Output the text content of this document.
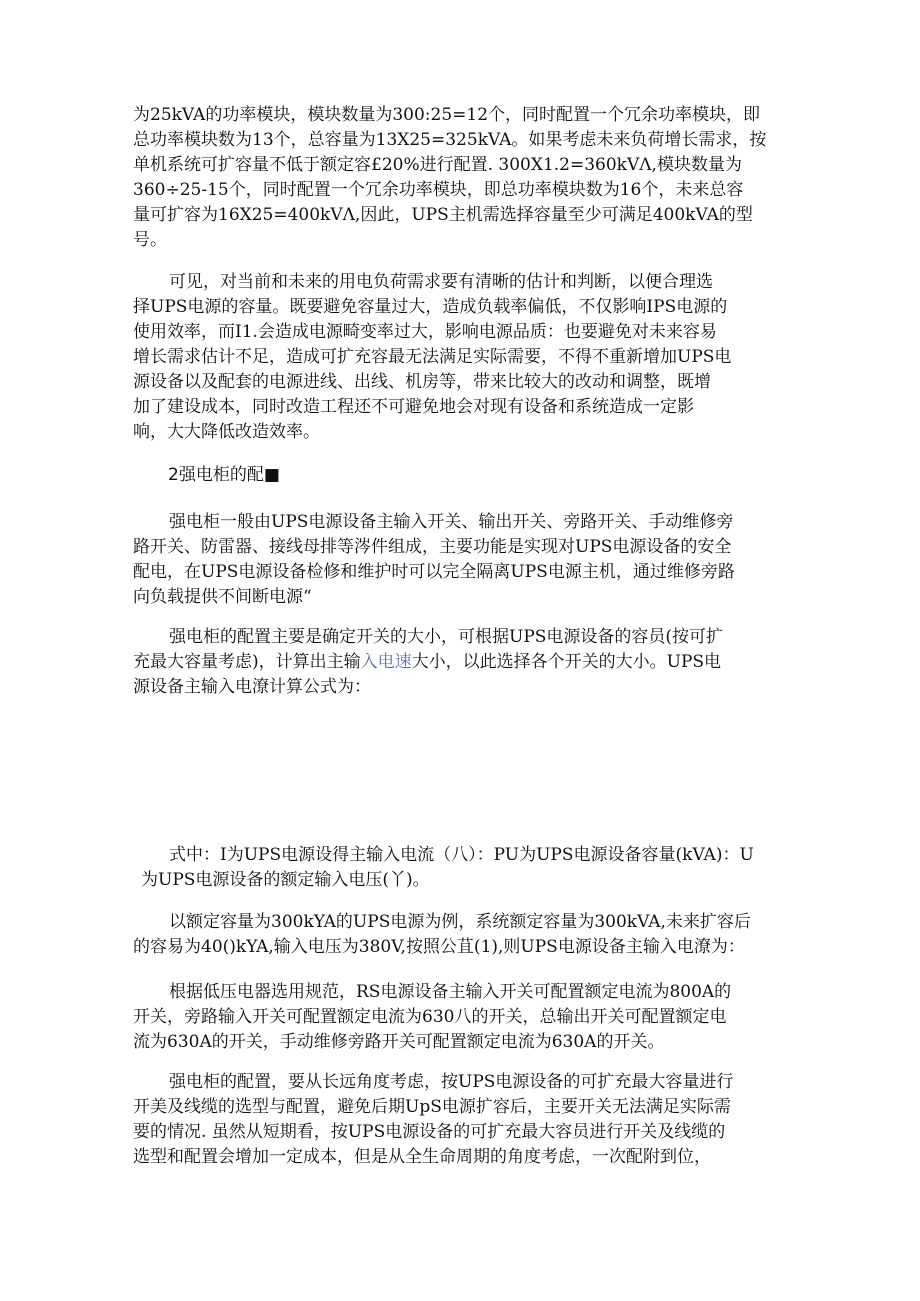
为25kVA的功率模块，模块数量为300:25=12个，同时配置一个冗余功率模块，即
总功率模块数为13个，总容量为13X25=325kVA。如果考虑未来负荷增长需求，按
单机系统可扩容量不低于额定容£20%进行配置. 300X1.2=360kVΛ,模块数量为
360÷25-15个，同时配置一个冗余功率模块，即总功率模块数为16个，未来总容
量可扩容为16X25=400kVΛ,因此，UPS主机需选择容量至少可满足400kVA的型
号。
可见，对当前和未来的用电负荷需求要有清晰的估计和判断，以便合理选
择UPS电源的容量。既要避免容量过大，造成负载率偏低，不仅影响IPS电源的
使用效率，而I1.会造成电源畸变率过大，影响电源品质：也要避免对未来容易
增长需求估计不足，造成可扩充容最无法满足实际需要，不得不重新增加UPS电
源设备以及配套的电源进线、出线、机房等，带来比较大的改动和调整，既增
加了建设成本，同时改造工程还不可避免地会对现有设备和系统造成一定影
响，大大降低改造效率。
2强电柜的配■
强电柜一般由UPS电源设备主输入开关、输出开关、旁路开关、手动维修旁
路开关、防雷器、接线母排等涔件组成，主要功能是实现对UPS电源设备的安全
配电，在UPS电源设备检修和维护时可以完全隔离UPS电源主机，通过维修旁路
向负载提供不间断电源“
强电柜的配置主要是确定开关的大小，可根据UPS电源设备的容员(按可扩
充最大容量考虑)，计算出主输入电速大小，以此选择各个开关的大小。UPS电
源设备主输入电潦计算公式为：
式中：I为UPS电源设得主输入电流（八）：PU为UPS电源设备容量(kVA)：U
为UPS电源设备的额定输入电压(丫)。
以额定容量为300kYA的UPS电源为例，系统额定容量为300kVA,未来扩容后
的容易为40()kYA,输入电压为380V,按照公苴(1),则UPS电源设备主输入电潦为：
根据低压电器选用规范，RS电源设备主输入开关可配置额定电流为800A的
开关，旁路输入开关可配置额定电流为630八的开关，总输出开关可配置额定电
流为630A的开关，手动维修旁路开关可配置额定电流为630A的开关。
强电柜的配置，要从长远角度考虑，按UPS电源设备的可扩充最大容量进行
开美及线缆的选型与配置，避免后期UpS电源扩容后，主要开关无法满足实际需
要的情况. 虽然从短期看，按UPS电源设备的可扩充最大容员进行开关及线缆的
选型和配置会增加一定成本，但是从全生命周期的角度考虑，一次配附到位，
